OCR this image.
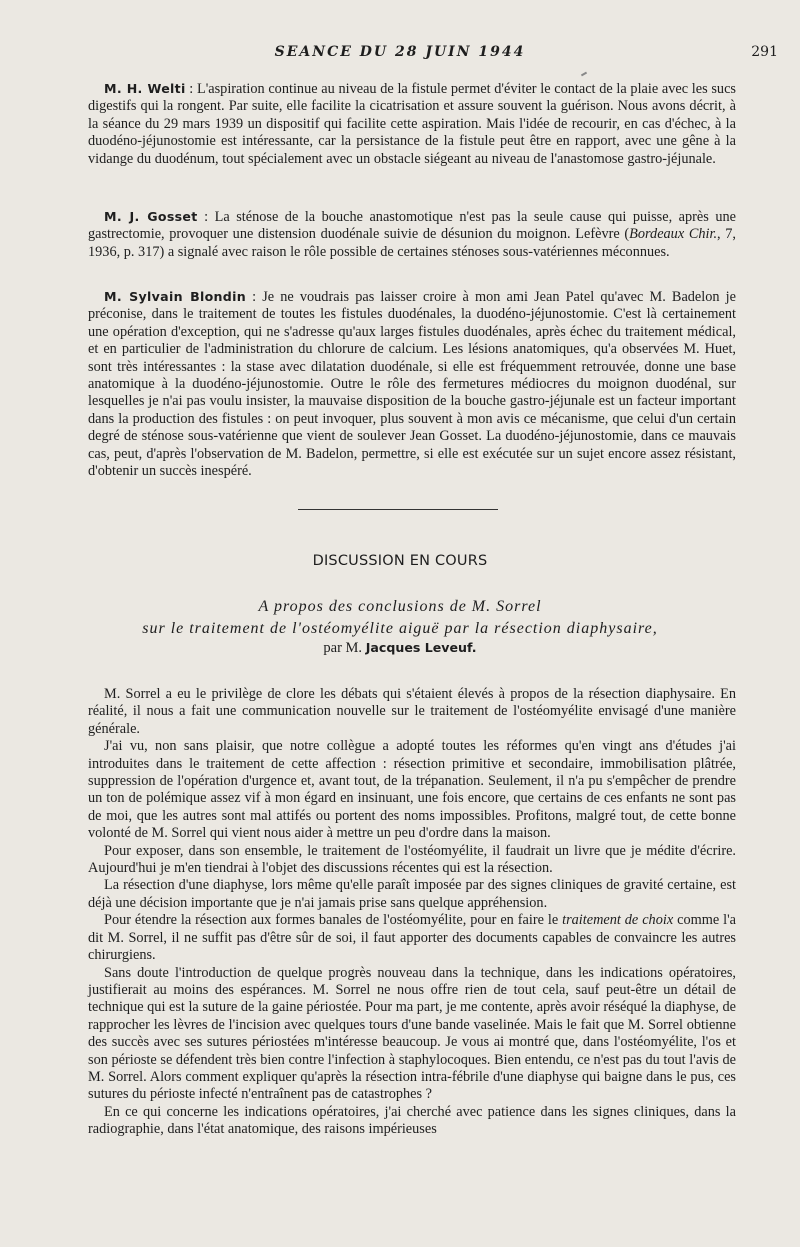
SEANCE DU 28 JUIN 1944	291

M. H. Welti : L'aspiration continue au niveau de la fistule permet d'éviter le contact de la plaie avec les sucs digestifs qui la rongent. Par suite, elle facilite la cicatrisation et assure souvent la guérison. Nous avons décrit, à la séance du 29 mars 1939 un dispositif qui facilite cette aspiration. Mais l'idée de recourir, en cas d'échec, à la duodéno-jéjunostomie est intéressante, car la persistance de la fistule peut être en rapport, avec une gêne à la vidange du duodénum, tout spécialement avec un obstacle siégeant au niveau de l'anastomose gastro-jéjunale.

M. J. Gosset : La sténose de la bouche anastomotique n'est pas la seule cause qui puisse, après une gastrectomie, provoquer une distension duodénale suivie de désunion du moignon. Lefèvre (Bordeaux Chir., 7, 1936, p. 317) a signalé avec raison le rôle possible de certaines sténoses sous-vatériennes méconnues.

M. Sylvain Blondin : Je ne voudrais pas laisser croire à mon ami Jean Patel qu'avec M. Badelon je préconise, dans le traitement de toutes les fistules duodénales, la duodéno-jéjunostomie. C'est là certainement une opération d'exception, qui ne s'adresse qu'aux larges fistules duodénales, après échec du traitement médical, et en particulier de l'administration du chlorure de calcium. Les lésions anatomiques, qu'a observées M. Huet, sont très intéressantes : la stase avec dilatation duodénale, si elle est fréquemment retrouvée, donne une base anatomique à la duodéno-jéjunostomie. Outre le rôle des fermetures médiocres du moignon duodénal, sur lesquelles je n'ai pas voulu insister, la mauvaise disposition de la bouche gastro-jéjunale est un facteur important dans la production des fistules : on peut invoquer, plus souvent à mon avis ce mécanisme, que celui d'un certain degré de sténose sous-vatérienne que vient de soulever Jean Gosset. La duodéno-jéjunostomie, dans ce mauvais cas, peut, d'après l'observation de M. Badelon, permettre, si elle est exécutée sur un sujet encore assez résistant, d'obtenir un succès inespéré.

DISCUSSION EN COURS
A propos des conclusions de M. Sorrel
sur le traitement de l'ostéomyélite aiguë par la résection diaphysaire,
par M. Jacques Leveuf.

M. Sorrel a eu le privilège de clore les débats qui s'étaient élevés à propos de la résection diaphysaire. En réalité, il nous a fait une communication nouvelle sur le traitement de l'ostéomyélite envisagé d'une manière générale.

J'ai vu, non sans plaisir, que notre collègue a adopté toutes les réformes qu'en vingt ans d'études j'ai introduites dans le traitement de cette affection : résection primitive et secondaire, immobilisation plâtrée, suppression de l'opération d'urgence et, avant tout, de la trépanation. Seulement, il n'a pu s'empêcher de prendre un ton de polémique assez vif à mon égard en insinuant, une fois encore, que certains de ces enfants ne sont pas de moi, que les autres sont mal attifés ou portent des noms impossibles. Profitons, malgré tout, de cette bonne volonté de M. Sorrel qui vient nous aider à mettre un peu d'ordre dans la maison.

Pour exposer, dans son ensemble, le traitement de l'ostéomyélite, il faudrait un livre que je médite d'écrire. Aujourd'hui je m'en tiendrai à l'objet des discussions récentes qui est la résection.

La résection d'une diaphyse, lors même qu'elle paraît imposée par des signes cliniques de gravité certaine, est déjà une décision importante que je n'ai jamais prise sans quelque appréhension.

Pour étendre la résection aux formes banales de l'ostéomyélite, pour en faire le traitement de choix comme l'a dit M. Sorrel, il ne suffit pas d'être sûr de soi, il faut apporter des documents capables de convaincre les autres chirurgiens.

Sans doute l'introduction de quelque progrès nouveau dans la technique, dans les indications opératoires, justifierait au moins des espérances. M. Sorrel ne nous offre rien de tout cela, sauf peut-être un détail de technique qui est la suture de la gaine périostée. Pour ma part, je me contente, après avoir réséqué la diaphyse, de rapprocher les lèvres de l'incision avec quelques tours d'une bande vaselinée. Mais le fait que M. Sorrel obtienne des succès avec ses sutures périostées m'intéresse beaucoup. Je vous ai montré que, dans l'ostéomyélite, l'os et son périoste se défendent très bien contre l'infection à staphylocoques. Bien entendu, ce n'est pas du tout l'avis de M. Sorrel. Alors comment expliquer qu'après la résection intra-fébrile d'une diaphyse qui baigne dans le pus, ces sutures du périoste infecté n'entraînent pas de catastrophes ?

En ce qui concerne les indications opératoires, j'ai cherché avec patience dans les signes cliniques, dans la radiographie, dans l'état anatomique, des raisons impérieuses
